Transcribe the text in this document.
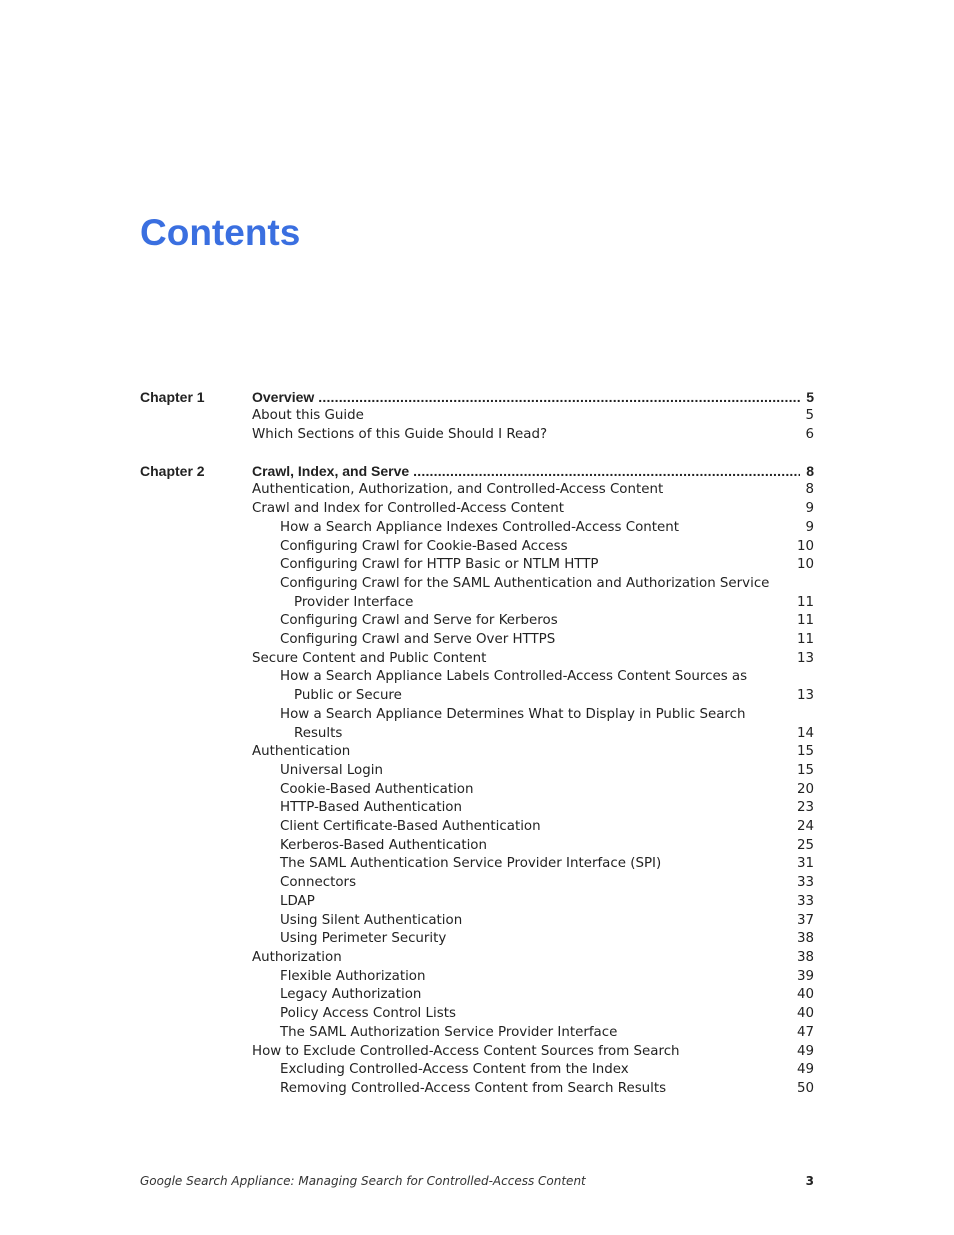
Contents
Chapter 1	Overview .....	5
About this Guide	5
Which Sections of this Guide Should I Read?	6
Chapter 2	Crawl, Index, and Serve .....	8
Authentication, Authorization, and Controlled-Access Content	8
Crawl and Index for Controlled-Access Content	9
How a Search Appliance Indexes Controlled-Access Content	9
Configuring Crawl for Cookie-Based Access	10
Configuring Crawl for HTTP Basic or NTLM HTTP	10
Configuring Crawl for the SAML Authentication and Authorization Service Provider Interface	11
Configuring Crawl and Serve for Kerberos	11
Configuring Crawl and Serve Over HTTPS	11
Secure Content and Public Content	13
How a Search Appliance Labels Controlled-Access Content Sources as Public or Secure	13
How a Search Appliance Determines What to Display in Public Search Results	14
Authentication	15
Universal Login	15
Cookie-Based Authentication	20
HTTP-Based Authentication	23
Client Certificate-Based Authentication	24
Kerberos-Based Authentication	25
The SAML Authentication Service Provider Interface (SPI)	31
Connectors	33
LDAP	33
Using Silent Authentication	37
Using Perimeter Security	38
Authorization	38
Flexible Authorization	39
Legacy Authorization	40
Policy Access Control Lists	40
The SAML Authorization Service Provider Interface	47
How to Exclude Controlled-Access Content Sources from Search	49
Excluding Controlled-Access Content from the Index	49
Removing Controlled-Access Content from Search Results	50
Google Search Appliance: Managing Search for Controlled-Access Content	3
